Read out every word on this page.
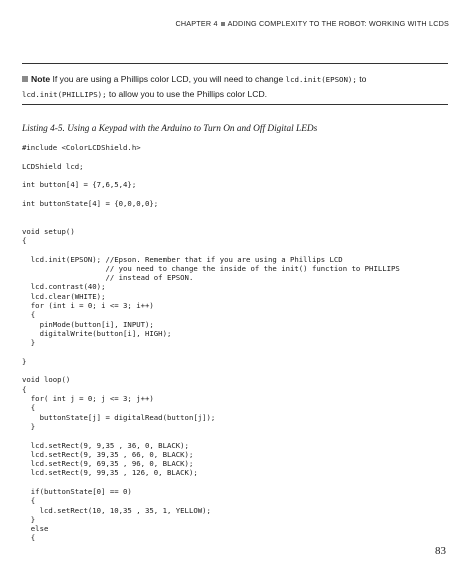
CHAPTER 4 ADDING COMPLEXITY TO THE ROBOT: WORKING WITH LCDS
Note If you are using a Phillips color LCD, you will need to change lcd.init(EPSON); to
lcd.init(PHILLIPS); to allow you to use the Phillips color LCD.
Listing 4-5. Using a Keypad with the Arduino to Turn On and Off Digital LEDs
#include <ColorLCDShield.h>
LCDShield lcd;
int button[4] = {7,6,5,4};
int buttonState[4] = {0,0,0,0};
void setup()
{
lcd.init(EPSON); //Epson. Remember that if you are using a Phillips LCD
// you need to change the inside of the init() function to PHILLIPS
// instead of EPSON.
lcd.contrast(40);
lcd.clear(WHITE);
for (int i = 0; i <= 3; i++)
{
pinMode(button[i], INPUT);
digitalWrite(button[i], HIGH);
}
}
void loop()
{
for( int j = 0; j <= 3; j++)
{
buttonState[j] = digitalRead(button[j]);
}
lcd.setRect(9, 9,35 , 36, 0, BLACK);
lcd.setRect(9, 39,35 , 66, 0, BLACK);
lcd.setRect(9, 69,35 , 96, 0, BLACK);
lcd.setRect(9, 99,35 , 126, 0, BLACK);
if(buttonState[0] == 0)
{
lcd.setRect(10, 10,35 , 35, 1, YELLOW);
}
else
{
83
